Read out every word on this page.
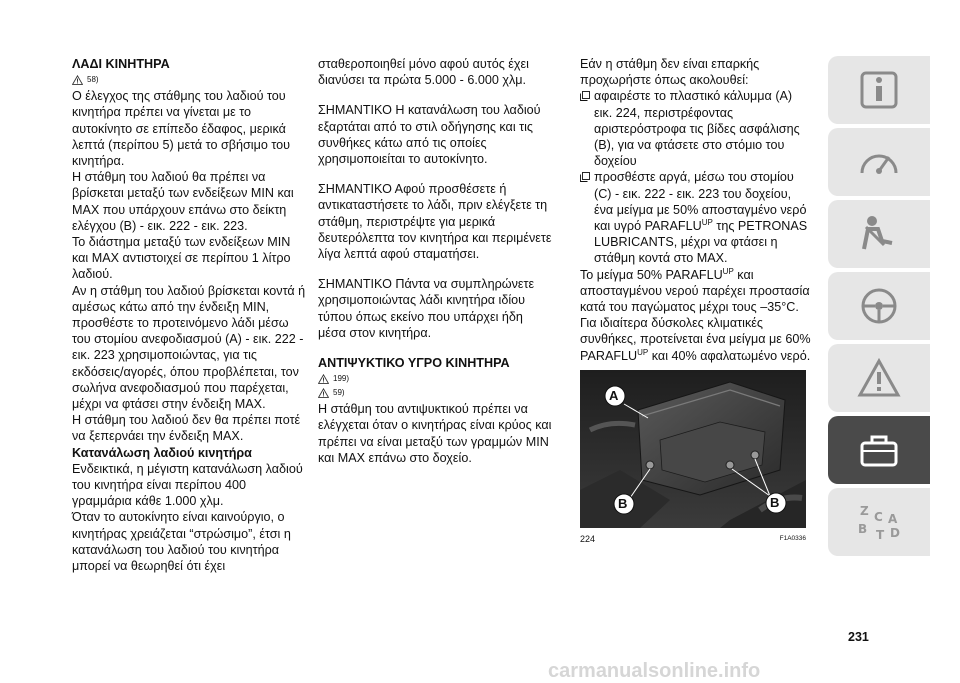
ΛΑΔΙ ΚΙΝΗΤΗΡΑ

58)

Ο έλεγχος της στάθμης του λαδιού του κινητήρα πρέπει να γίνεται με το αυτοκίνητο σε επίπεδο έδαφος, μερικά λεπτά (περίπου 5) μετά το σβήσιμο του κινητήρα.

Η στάθμη του λαδιού θα πρέπει να βρίσκεται μεταξύ των ενδείξεων MIN και MAX που υπάρχουν επάνω στο δείκτη ελέγχου (B) - εικ. 222 - εικ. 223.

Το διάστημα μεταξύ των ενδείξεων MIN και MAX αντιστοιχεί σε περίπου 1 λίτρο λαδιού.

Αν η στάθμη του λαδιού βρίσκεται κοντά ή αμέσως κάτω από την ένδειξη MIN, προσθέστε το προτεινόμενο λάδι μέσω του στομίου ανεφοδιασμού (A) - εικ. 222 - εικ. 223 χρησιμοποιώντας, για τις εκδόσεις/αγορές, όπου προβλέπεται, τον σωλήνα ανεφοδιασμού που παρέχεται, μέχρι να φτάσει στην ένδειξη MAX.

Η στάθμη του λαδιού δεν θα πρέπει ποτέ να ξεπερνάει την ένδειξη MAX.

Κατανάλωση λαδιού κινητήρα

Ενδεικτικά, η μέγιστη κατανάλωση λαδιού του κινητήρα είναι περίπου 400 γραμμάρια κάθε 1.000 χλμ.

Όταν το αυτοκίνητο είναι καινούργιο, ο κινητήρας χρειάζεται “στρώσιμο”, έτσι η κατανάλωση του λαδιού του κινητήρα μπορεί να θεωρηθεί ότι έχει

σταθεροποιηθεί μόνο αφού αυτός έχει διανύσει τα πρώτα 5.000 - 6.000 χλμ.

ΣΗΜΑΝΤΙΚΟ Η κατανάλωση του λαδιού εξαρτάται από το στιλ οδήγησης και τις συνθήκες κάτω από τις οποίες χρησιμοποιείται το αυτοκίνητο.

ΣΗΜΑΝΤΙΚΟ Αφού προσθέσετε ή αντικαταστήσετε το λάδι, πριν ελέγξετε τη στάθμη, περιστρέψτε για μερικά δευτερόλεπτα τον κινητήρα και περιμένετε λίγα λεπτά αφού σταματήσει.

ΣΗΜΑΝΤΙΚΟ Πάντα να συμπληρώνετε χρησιμοποιώντας λάδι κινητήρα ιδίου τύπου όπως εκείνο που υπάρχει ήδη μέσα στον κινητήρα.

ΑΝΤΙΨΥΚΤΙΚΟ ΥΓΡΟ ΚΙΝΗΤΗΡΑ

199)
59)

Η στάθμη του αντιψυκτικού πρέπει να ελέγχεται όταν ο κινητήρας είναι κρύος και πρέπει να είναι μεταξύ των γραμμών MIN και MAX επάνω στο δοχείο.

Εάν η στάθμη δεν είναι επαρκής προχωρήστε όπως ακολουθεί:

αφαιρέστε το πλαστικό κάλυμμα (A) εικ. 224, περιστρέφοντας αριστερόστροφα τις βίδες ασφάλισης (B), για να φτάσετε στο στόμιο του δοχείου

προσθέστε αργά, μέσω του στομίου (C) - εικ. 222 - εικ. 223 του δοχείου, ένα μείγμα με 50% αποσταγμένο νερό και υγρό $PARAFLU^{UP}$ της PETRONAS LUBRICANTS, μέχρι να φτάσει η στάθμη κοντά στο MAX.

Το μείγμα 50% $PARAFLU^{UP}$ και αποσταγμένου νερού παρέχει προστασία κατά του παγώματος μέχρι τους –35°C.

Για ιδιαίτερα δύσκολες κλιματικές συνθήκες, προτείνεται ένα μείγμα με 60% $PARAFLU^{UP}$ και 40% αφαλατωμένο νερό.

A
B	B
224	F1A0336
Z C A
B T D
231
carmanualsonline.info
